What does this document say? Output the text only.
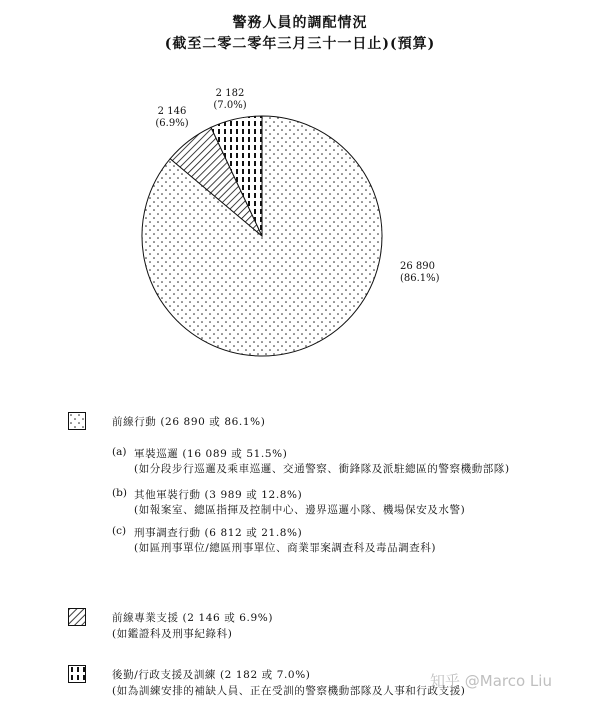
警務人員的調配情況
(截至二零二零年三月三十一日止)(預算)
26 890
(86.1%)
2 146
(6.9%)
2 182
(7.0%)
前線行動 (26 890 或 86.1%)
(a) 軍裝巡邏 (16 089 或 51.5%)
(如分段步行巡邏及乘車巡邏、交通警察、衝鋒隊及派駐總區的警察機動部隊)
(b) 其他軍裝行動 (3 989 或 12.8%)
(如報案室、總區指揮及控制中心、邊界巡邏小隊、機場保安及水警)
(c) 刑事調查行動 (6 812 或 21.8%)
(如區刑事單位/總區刑事單位、商業罪案調查科及毒品調查科)
前線專業支援 (2 146 或 6.9%)
(如鑑證科及刑事紀錄科)
後勤/行政支援及訓練 (2 182 或 7.0%)
(如為訓練安排的補缺人員、正在受訓的警察機動部隊及人事和行政支援)
知乎 @Marco Liu
